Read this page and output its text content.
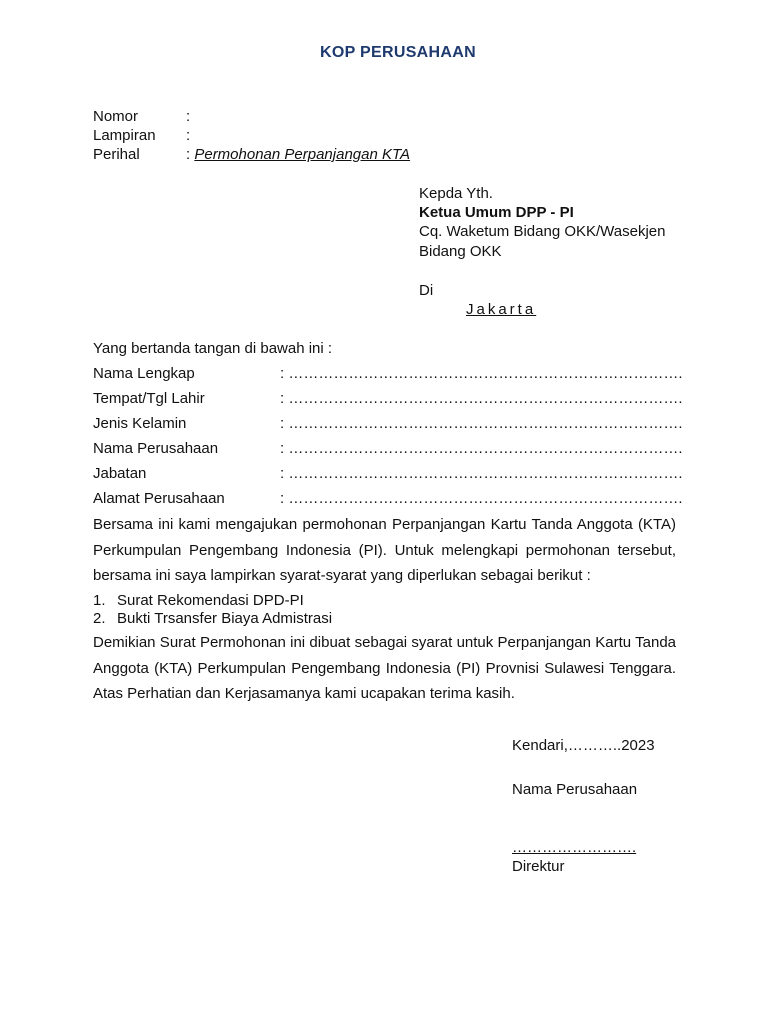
KOP PERUSAHAAN
Nomor	:
Lampiran :
Perihal	: Permohonan Perpanjangan KTA
Kepda Yth.
Ketua Umum DPP - PI
Cq. Waketum Bidang OKK/Wasekjen
Bidang OKK
Di
Jakarta
Yang bertanda tangan di bawah ini :
Nama Lengkap	: …………………………………………………………………….
Tempat/Tgl Lahir	: …………………………………………………………………….
Jenis Kelamin	: …………………………………………………………………….
Nama Perusahaan	: …………………………………………………………………….
Jabatan	: …………………………………………………………………….
Alamat Perusahaan	: …………………………………………………………………….

Bersama ini kami mengajukan permohonan Perpanjangan Kartu Tanda Anggota (KTA) Perkumpulan Pengembang Indonesia (PI). Untuk melengkapi permohonan tersebut, bersama ini saya lampirkan syarat-syarat yang diperlukan sebagai berikut :

1. Surat Rekomendasi DPD-PI
2. Bukti Trsansfer Biaya Admistrasi

Demikian Surat Permohonan ini dibuat sebagai syarat untuk Perpanjangan Kartu Tanda Anggota (KTA) Perkumpulan Pengembang Indonesia (PI) Provnisi Sulawesi Tenggara. Atas Perhatian dan Kerjasamanya kami ucapakan terima kasih.

Kendari,………..2023
Nama Perusahaan
…………………….
Direktur
